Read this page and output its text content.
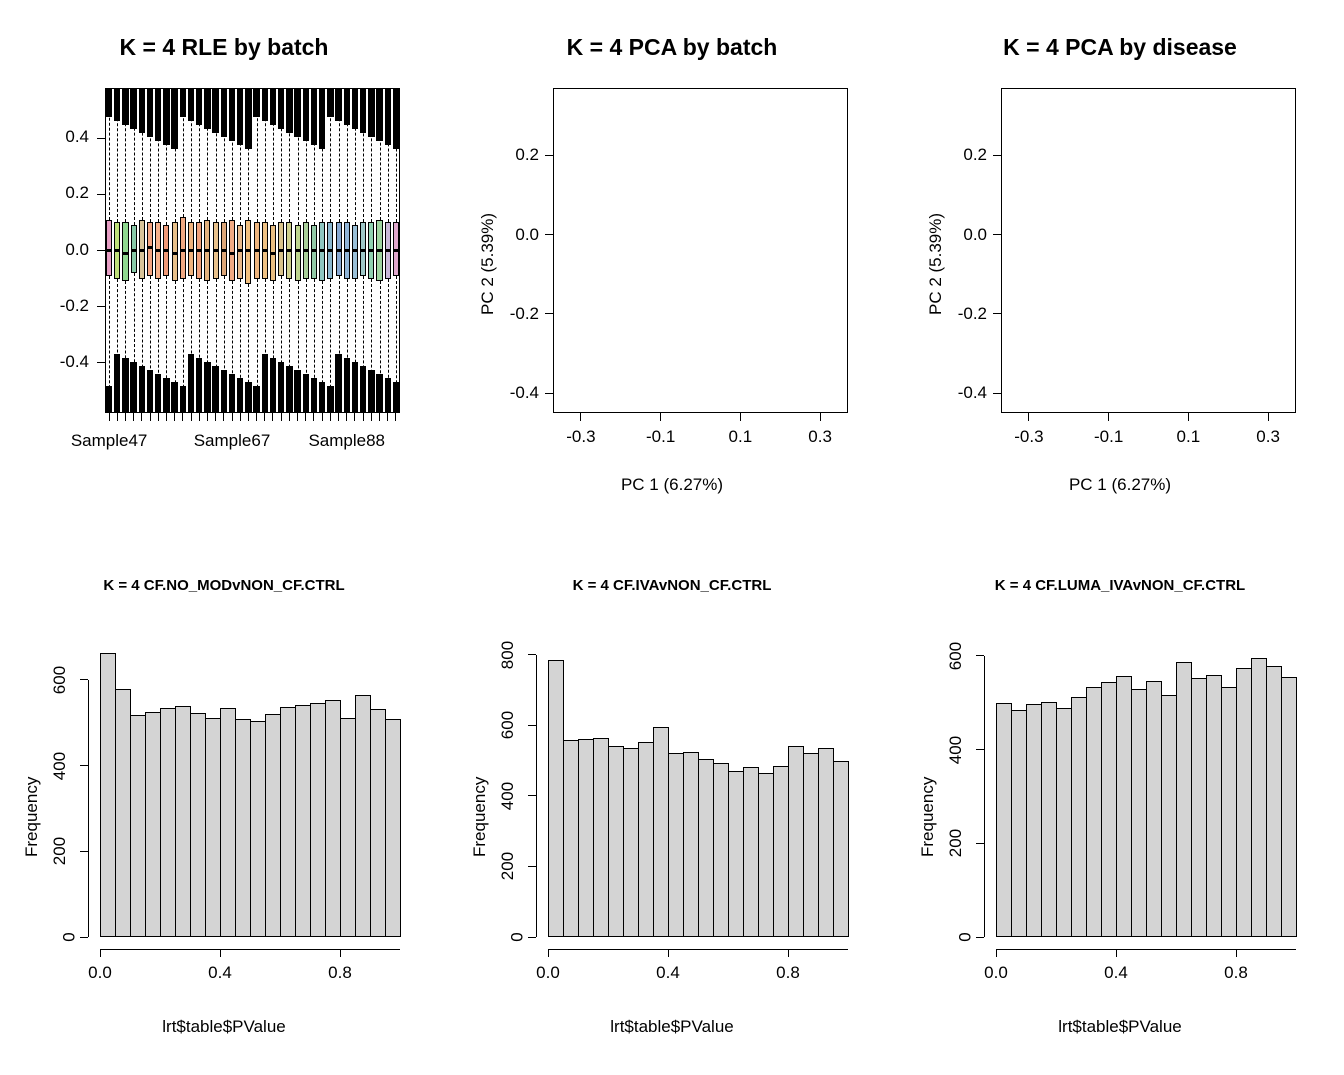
K = 4 RLE by batch
-0.4
-0.2
0.0
0.2
0.4
Sample47	Sample67 Sample88
K = 4 PCA by batch
-0.3	-0.1	0.1	0.3
-0.4
-0.2
0.0
0.2
PC 1 (6.27%)
PC 2 (5.39%)
K = 4 PCA by disease
-0.3	-0.1	0.1	0.3
-0.4
-0.2
0.0
0.2
PC 1 (6.27%)
PC 2 (5.39%)
K = 4 CF.NO_MODvNON_CF.CTRL
0
200
400
600
0.0	0.4	0.8
lrt$table$PValue
Frequency
K = 4 CF.IVAvNON_CF.CTRL
0
200
400
600
800
0.0	0.4	0.8
lrt$table$PValue
Frequency
K = 4 CF.LUMA_IVAvNON_CF.CTRL
0
200
400
600
0.0	0.4	0.8
lrt$table$PValue
Frequency
